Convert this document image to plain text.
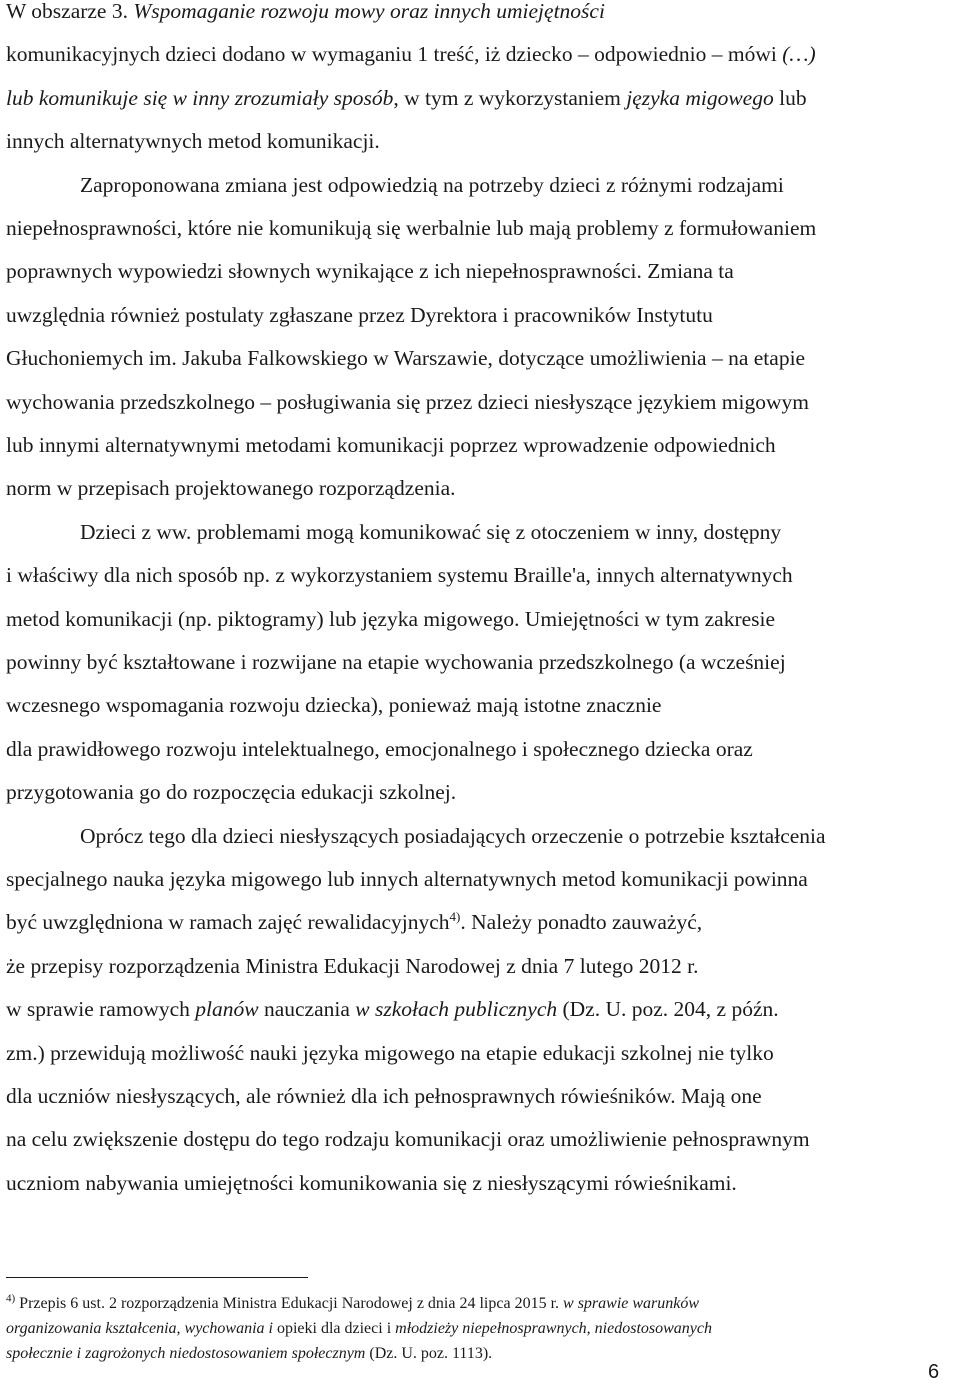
W obszarze 3. Wspomaganie rozwoju mowy oraz innych umiejętności
komunikacyjnych dzieci dodano w wymaganiu 1 treść, iż dziecko – odpowiednio – mówi (…)
lub komunikuje się w inny zrozumiały sposób, w tym z wykorzystaniem języka migowego lub
innych alternatywnych metod komunikacji.
Zaproponowana zmiana jest odpowiedzią na potrzeby dzieci z różnymi rodzajami
niepełnosprawności, które nie komunikują się werbalnie lub mają problemy z formułowaniem
poprawnych wypowiedzi słownych wynikające z ich niepełnosprawności. Zmiana ta
uwzględnia również postulaty zgłaszane przez Dyrektora i pracowników Instytutu
Głuchoniemych im. Jakuba Falkowskiego w Warszawie, dotyczące umożliwienia – na etapie
wychowania przedszkolnego – posługiwania się przez dzieci niesłyszące językiem migowym
lub innymi alternatywnymi metodami komunikacji poprzez wprowadzenie odpowiednich
norm w przepisach projektowanego rozporządzenia.
Dzieci z ww. problemami mogą komunikować się z otoczeniem w inny, dostępny
i właściwy dla nich sposób np. z wykorzystaniem systemu Braille'a, innych alternatywnych
metod komunikacji (np. piktogramy) lub języka migowego. Umiejętności w tym zakresie
powinny być kształtowane i rozwijane na etapie wychowania przedszkolnego (a wcześniej
wczesnego wspomagania rozwoju dziecka), ponieważ mają istotne znacznie
dla prawidłowego rozwoju intelektualnego, emocjonalnego i społecznego dziecka oraz
przygotowania go do rozpoczęcia edukacji szkolnej.
Oprócz tego dla dzieci niesłyszących posiadających orzeczenie o potrzebie kształcenia
specjalnego nauka języka migowego lub innych alternatywnych metod komunikacji powinna
być uwzględniona w ramach zajęć rewalidacyjnych$^{4)}$. Należy ponadto zauważyć,
że przepisy rozporządzenia Ministra Edukacji Narodowej z dnia 7 lutego 2012 r.
w sprawie ramowych planów nauczania w szkołach publicznych (Dz. U. poz. 204, z późn.
zm.) przewidują możliwość nauki języka migowego na etapie edukacji szkolnej nie tylko
dla uczniów niesłyszących, ale również dla ich pełnosprawnych rówieśników. Mają one
na celu zwiększenie dostępu do tego rodzaju komunikacji oraz umożliwienie pełnosprawnym
uczniom nabywania umiejętności komunikowania się z niesłyszącymi rówieśnikami.
$^{4)}$ Przepis 6 ust. 2 rozporządzenia Ministra Edukacji Narodowej z dnia 24 lipca 2015 r. w sprawie warunków
organizowania kształcenia, wychowania i opieki dla dzieci i młodzieży niepełnosprawnych, niedostosowanych
społecznie i zagrożonych niedostosowaniem społecznym (Dz. U. poz. 1113).
6
